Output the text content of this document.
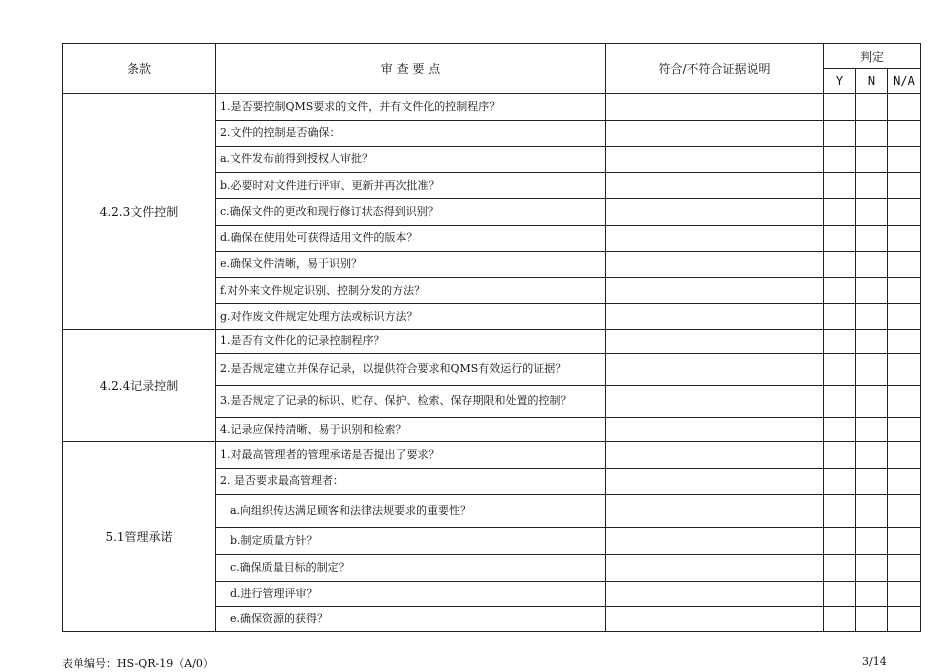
条款	审 查 要 点	符合/不符合证据说明	判定		
			Y	N	N/A
4.2.3文件控制	1.是否要控制QMS要求的文件，并有文件化的控制程序？				
	2.文件的控制是否确保：				
	a.文件发布前得到授权人审批？				
	b.必要时对文件进行评审、更新并再次批准？				
	c.确保文件的更改和现行修订状态得到识别？				
	d.确保在使用处可获得适用文件的版本？				
	e.确保文件清晰，易于识别？				
	f.对外来文件规定识别、控制分发的方法？				
	g.对作废文件规定处理方法或标识方法？				
4.2.4记录控制	1.是否有文件化的记录控制程序？				
	2.是否规定建立并保存记录，以提供符合要求和QMS有效运行的证据？				
	3.是否规定了记录的标识、贮存、保护、检索、保存期限和处置的控制？				
	4.记录应保持清晰、易于识别和检索？				
5.1管理承诺	1.对最高管理者的管理承诺是否提出了要求？				
	2. 是否要求最高管理者：				
	a.向组织传达满足顾客和法律法规要求的重要性？				
	b.制定质量方针？				
	c.确保质量目标的制定？				
	d.进行管理评审？				
	e.确保资源的获得？				
表单编号：HS-QR-19（A/0）	3/14
